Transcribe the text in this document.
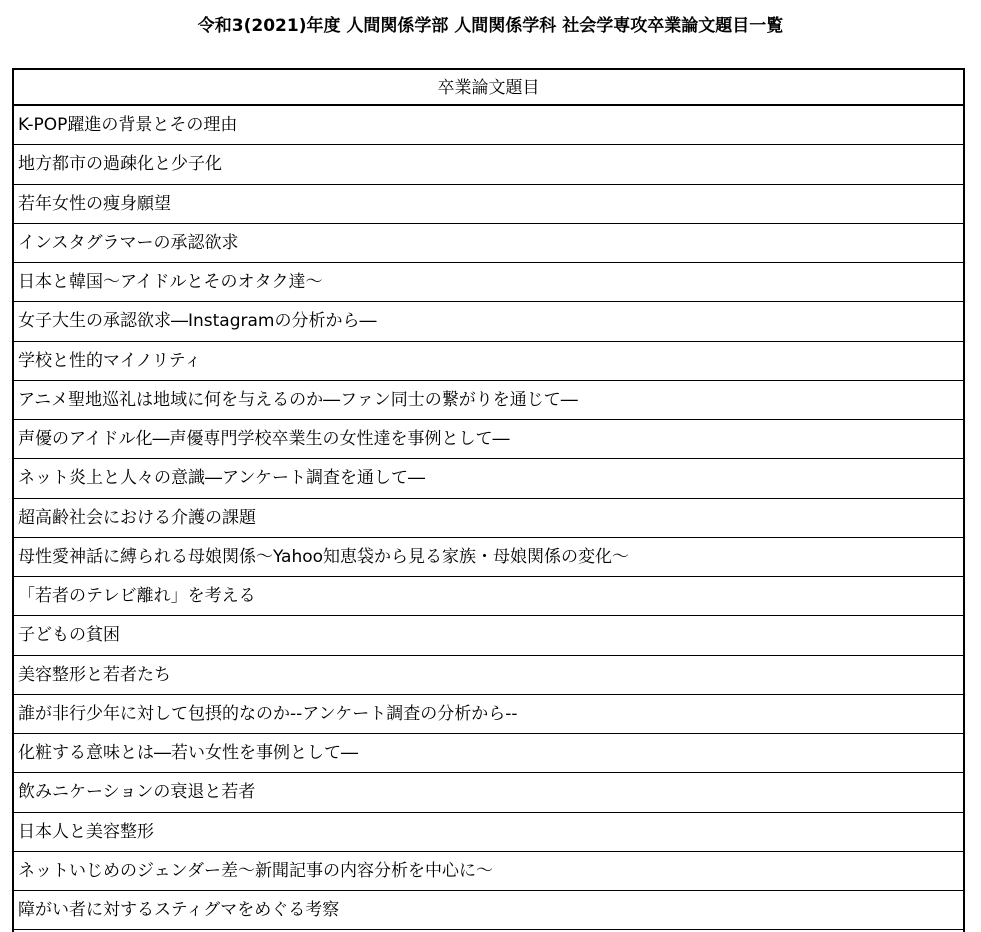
令和3(2021)年度 人間関係学部 人間関係学科 社会学専攻卒業論文題目一覧
卒業論文題目
K-POP躍進の背景とその理由
地方都市の過疎化と少子化
若年女性の痩身願望
インスタグラマーの承認欲求
日本と韓国～アイドルとそのオタク達～
女子大生の承認欲求―Instagramの分析から―
学校と性的マイノリティ
アニメ聖地巡礼は地域に何を与えるのか―ファン同士の繋がりを通じて―
声優のアイドル化―声優専門学校卒業生の女性達を事例として―
ネット炎上と人々の意識―アンケート調査を通して―
超高齢社会における介護の課題
母性愛神話に縛られる母娘関係～Yahoo知恵袋から見る家族・母娘関係の変化～
「若者のテレビ離れ」を考える
子どもの貧困
美容整形と若者たち
誰が非行少年に対して包摂的なのか--アンケート調査の分析から--
化粧する意味とは―若い女性を事例として―
飲みニケーションの衰退と若者
日本人と美容整形
ネットいじめのジェンダー差～新聞記事の内容分析を中心に～
障がい者に対するスティグマをめぐる考察
